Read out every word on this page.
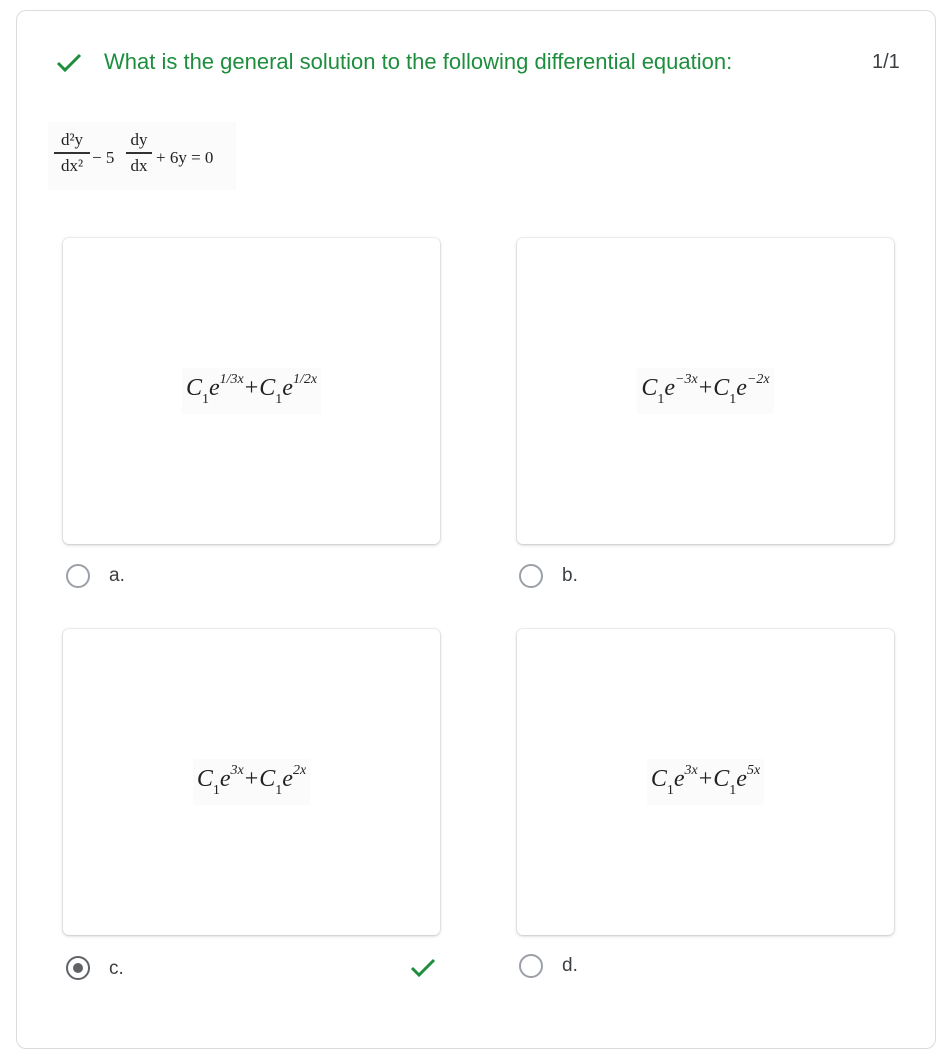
What is the general solution to the following differential equation:	1/1
d²y
dx² − 5
dy
dx + 6y = 0
$C_1e^{1/3x}+C_1e^{1/2x}$
a.
$C_1e^{-3x}+C_1e^{-2x}$
b.
$C_1e^{3x}+C_1e^{2x}$
c.
$C_1e^{3x}+C_1e^{5x}$
d.
